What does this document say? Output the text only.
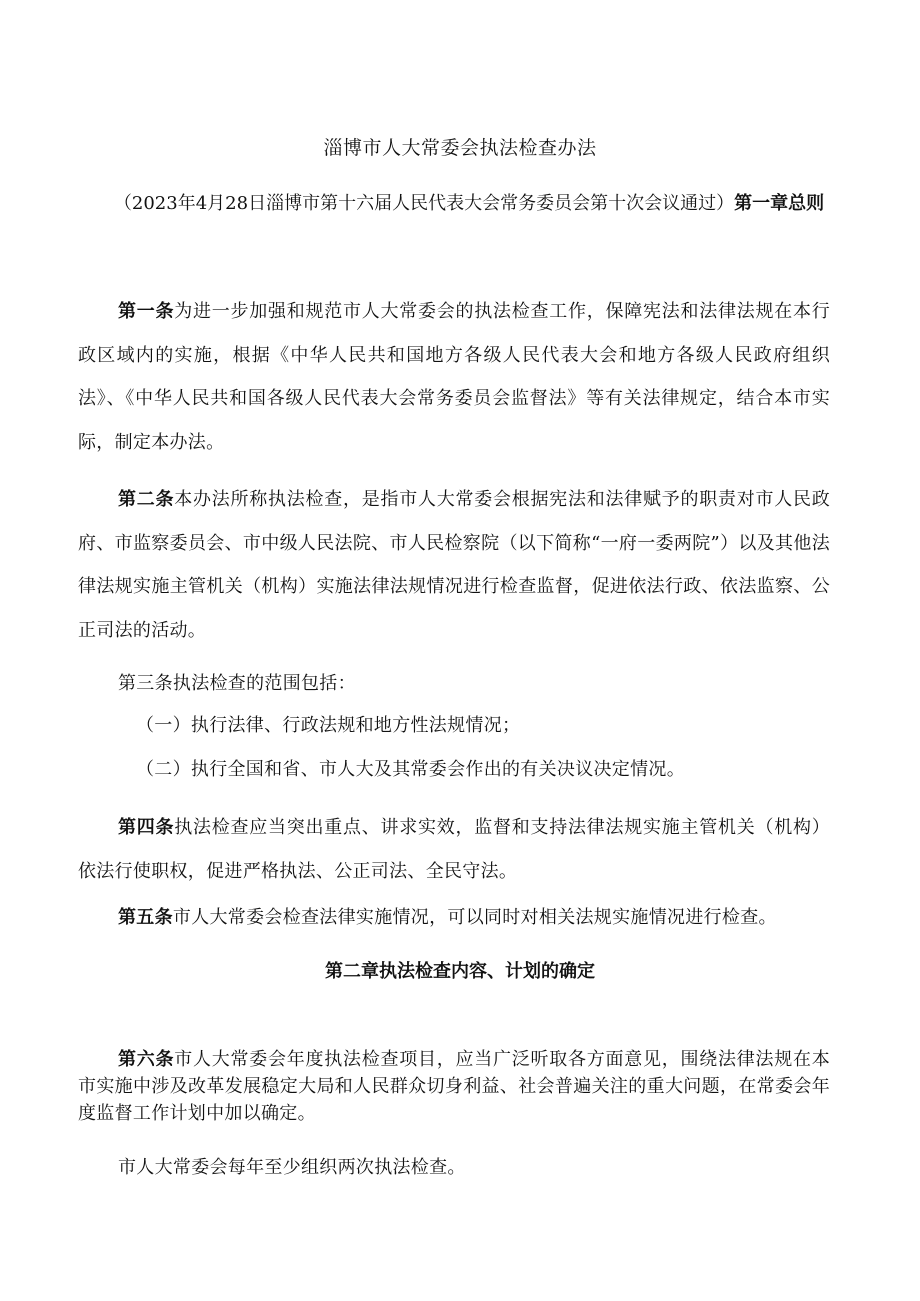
淄博市人大常委会执法检查办法
（2023年4月28日淄博市第十六届人民代表大会常务委员会第十次会议通过）第一章总则

第一条为进一步加强和规范市人大常委会的执法检查工作，保障宪法和法律法规在本行政区域内的实施，根据《中华人民共和国地方各级人民代表大会和地方各级人民政府组织法》、《中华人民共和国各级人民代表大会常务委员会监督法》等有关法律规定，结合本市实际，制定本办法。

第二条本办法所称执法检查，是指市人大常委会根据宪法和法律赋予的职责对市人民政府、市监察委员会、市中级人民法院、市人民检察院（以下简称“一府一委两院”）以及其他法律法规实施主管机关（机构）实施法律法规情况进行检查监督，促进依法行政、依法监察、公正司法的活动。

第三条执法检查的范围包括：

（一）执行法律、行政法规和地方性法规情况；
（二）执行全国和省、市人大及其常委会作出的有关决议决定情况。

第四条执法检查应当突出重点、讲求实效，监督和支持法律法规实施主管机关（机构）依法行使职权，促进严格执法、公正司法、全民守法。

第五条市人大常委会检查法律实施情况，可以同时对相关法规实施情况进行检查。

第二章执法检查内容、计划的确定

第六条市人大常委会年度执法检查项目，应当广泛听取各方面意见，围绕法律法规在本市实施中涉及改革发展稳定大局和人民群众切身利益、社会普遍关注的重大问题，在常委会年度监督工作计划中加以确定。

市人大常委会每年至少组织两次执法检查。
